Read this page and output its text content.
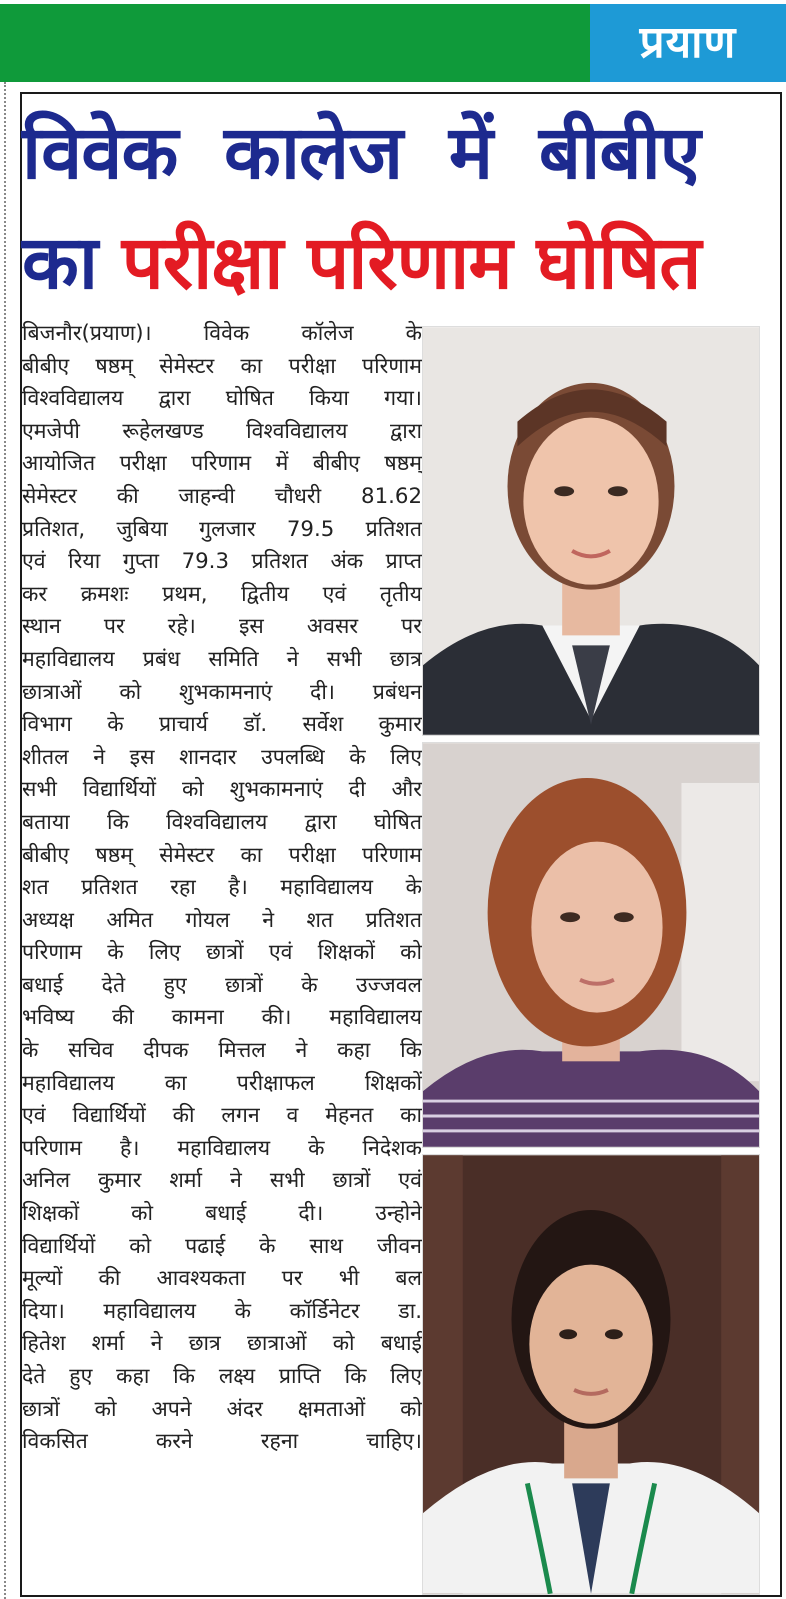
प्रयाण
विवेक कालेज में बीबीए
का परीक्षा परिणाम घोषित
बिजनौर(प्रयाण)। विवेक कॉलेज के
बीबीए षष्ठम् सेमेस्टर का परीक्षा परिणाम
विश्वविद्यालय द्वारा घोषित किया गया।
एमजेपी रूहेलखण्ड विश्वविद्यालय द्वारा
आयोजित परीक्षा परिणाम में बीबीए षष्ठम्
सेमेस्टर की जाहन्वी चौधरी 81.62
प्रतिशत, जुबिया गुलजार 79.5 प्रतिशत
एवं रिया गुप्ता 79.3 प्रतिशत अंक प्राप्त
कर क्रमशः प्रथम, द्वितीय एवं तृतीय
स्थान पर रहे। इस अवसर पर
महाविद्यालय प्रबंध समिति ने सभी छात्र
छात्राओं को शुभकामनाएं दी। प्रबंधन
विभाग के प्राचार्य डॉ. सर्वेश कुमार
शीतल ने इस शानदार उपलब्धि के लिए
सभी विद्यार्थियों को शुभकामनाएं दी और
बताया कि विश्वविद्यालय द्वारा घोषित
बीबीए षष्ठम् सेमेस्टर का परीक्षा परिणाम
शत प्रतिशत रहा है। महाविद्यालय के
अध्यक्ष अमित गोयल ने शत प्रतिशत
परिणाम के लिए छात्रों एवं शिक्षकों को
बधाई देते हुए छात्रों के उज्जवल
भविष्य की कामना की। महाविद्यालय
के सचिव दीपक मित्तल ने कहा कि
महाविद्यालय का परीक्षाफल शिक्षकों
एवं विद्यार्थियों की लगन व मेहनत का
परिणाम है। महाविद्यालय के निदेशक
अनिल कुमार शर्मा ने सभी छात्रों एवं
शिक्षकों को बधाई दी। उन्होने
विद्यार्थियों को पढाई के साथ जीवन
मूल्यों की आवश्यकता पर भी बल
दिया। महाविद्यालय के कॉर्डिनेटर डा.
हितेश शर्मा ने छात्र छात्राओं को बधाई
देते हुए कहा कि लक्ष्य प्राप्ति कि लिए
छात्रों को अपने अंदर क्षमताओं को
विकसित करने रहना चाहिए।
